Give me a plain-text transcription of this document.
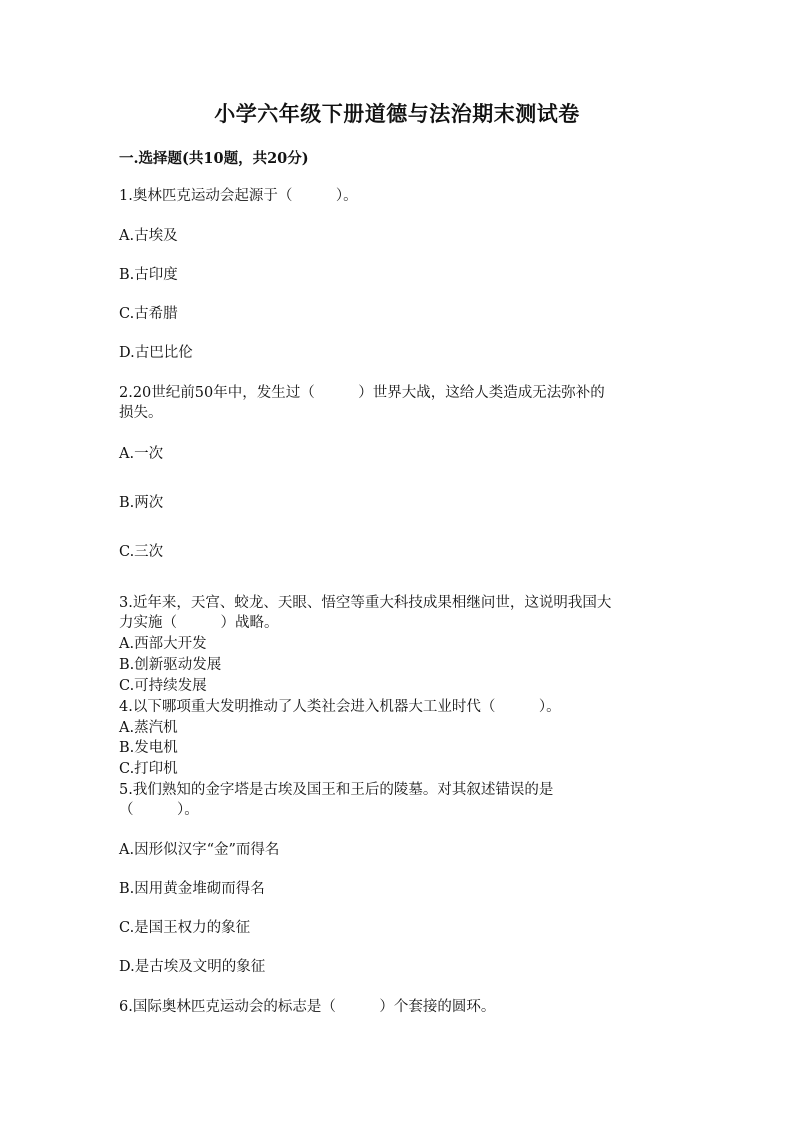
小学六年级下册道德与法治期末测试卷
一.选择题(共10题，共20分)
1.奥林匹克运动会起源于（　　　）。
A.古埃及
B.古印度
C.古希腊
D.古巴比伦
2.20世纪前50年中，发生过（　　　）世界大战，这给人类造成无法弥补的
损失。
A.一次
B.两次
C.三次
3.近年来，天宫、蛟龙、天眼、悟空等重大科技成果相继问世，这说明我国大
力实施（　　　）战略。
A.西部大开发
B.创新驱动发展
C.可持续发展
4.以下哪项重大发明推动了人类社会进入机器大工业时代（　　　）。
A.蒸汽机
B.发电机
C.打印机
5.我们熟知的金字塔是古埃及国王和王后的陵墓。对其叙述错误的是
（　　　）。
A.因形似汉字“金”而得名
B.因用黄金堆砌而得名
C.是国王权力的象征
D.是古埃及文明的象征
6.国际奥林匹克运动会的标志是（　　　）个套接的圆环。
